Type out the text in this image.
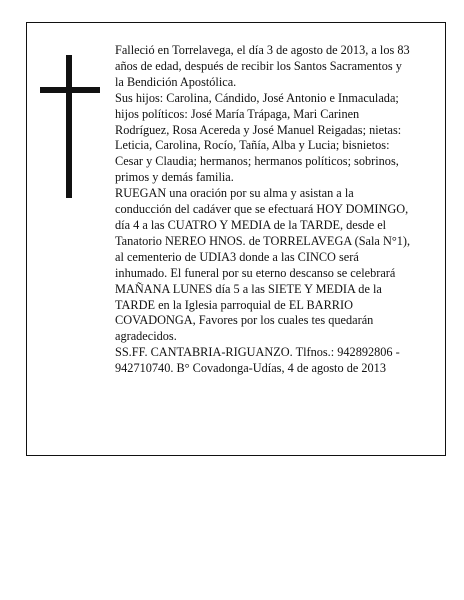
Falleció en Torrelavega, el día 3 de agosto de 2013, a los 83 años de edad, después de recibir los Santos Sacramentos y la Bendición Apostólica.

Sus hijos: Carolina, Cándido, José Antonio e Inmaculada; hijos políticos: José María Trápaga, Mari Carinen Rodríguez, Rosa Acereda y José Manuel Reigadas; nietas: Leticia, Carolina, Rocío, Tañía, Alba y Lucia; bisnietos: Cesar y Claudia; hermanos; hermanos políticos; sobrinos, primos y demás familia.

RUEGAN una oración por su alma y asistan a la conducción del cadáver que se efectuará HOY DOMINGO, día 4 a las CUATRO Y MEDIA de la TARDE, desde el Tanatorio NEREO HNOS. de TORRELAVEGA (Sala N°1), al cementerio de UDIA3 donde a las CINCO será inhumado. El funeral por su eterno descanso se celebrará MAÑANA LUNES día 5 a las SIETE Y MEDIA de la TARDE en la Iglesia parroquial de EL BARRIO COVADONGA, Favores por los cuales tes quedarán agradecidos.

SS.FF. CANTABRIA-RIGUANZO. Tlfnos.: 942892806 - 942710740. B° Covadonga-Udías, 4 de agosto de 2013
